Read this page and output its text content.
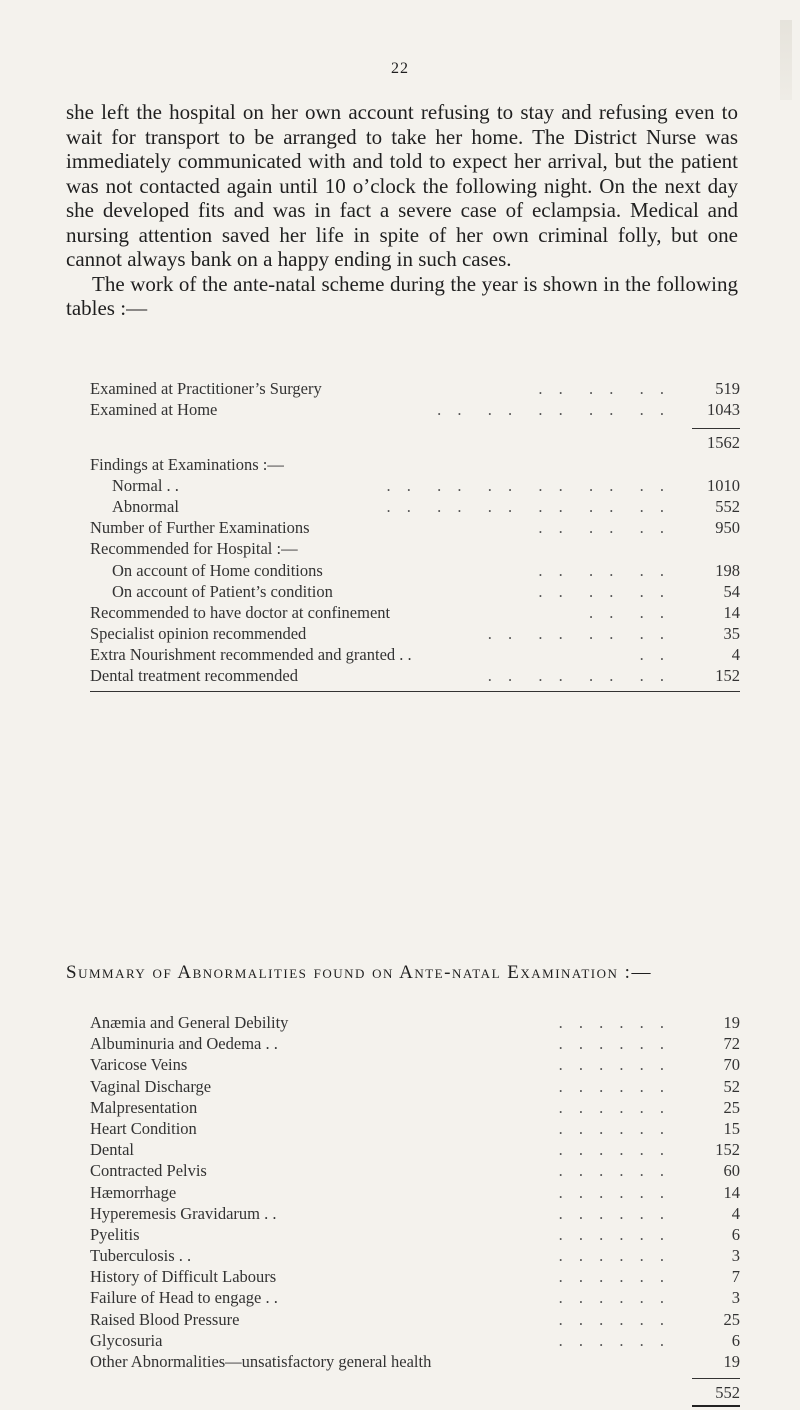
22

she left the hospital on her own account refusing to stay and refusing even to wait for transport to be arranged to take her home. The District Nurse was immediately communicated with and told to expect her arrival, but the patient was not contacted again until 10 o’clock the following night. On the next day she developed fits and was in fact a severe case of eclampsia. Medical and nursing attention saved her life in spite of her own criminal folly, but one cannot always bank on a happy ending in such cases.

The work of the ante-natal scheme during the year is shown in the following tables :—

Examined at Practitioner’s Surgery	. .  . .  . .	519
Examined at Home	. .  . .  . .  . .  . .	1043
1562
Findings at Examinations :—
Normal . .	. .  . .  . .  . .  . .  . .	1010
Abnormal	. .  . .  . .  . .  . .  . .	552
Number of Further Examinations	. .  . .  . .	950
Recommended for Hospital :—
On account of Home conditions	. .  . .  . .	198
On account of Patient’s condition	. .  . .  . .	54
Recommended to have doctor at confinement	. .  . .	14
Specialist opinion recommended	. .  . .  . .  . .	35
Extra Nourishment recommended and granted . .	. .	4
Dental treatment recommended	. .  . .  . .  . .	152
Summary of Abnormalities found on Ante-natal Examination :—
Anæmia and General Debility	. . . . . .	19
Albuminuria and Oedema . .	. . . . . .	72
Varicose Veins	. . . . . .	70
Vaginal Discharge	. . . . . .	52
Malpresentation	. . . . . .	25
Heart Condition	. . . . . .	15
Dental	. . . . . .	152
Contracted Pelvis	. . . . . .	60
Hæmorrhage	. . . . . .	14
Hyperemesis Gravidarum . .	. . . . . .	4
Pyelitis	. . . . . .	6
Tuberculosis . .	. . . . . .	3
History of Difficult Labours	. . . . . .	7
Failure of Head to engage . .	. . . . . .	3
Raised Blood Pressure	. . . . . .	25
Glycosuria	. . . . . .	6
Other Abnormalities—unsatisfactory general health	19
552
